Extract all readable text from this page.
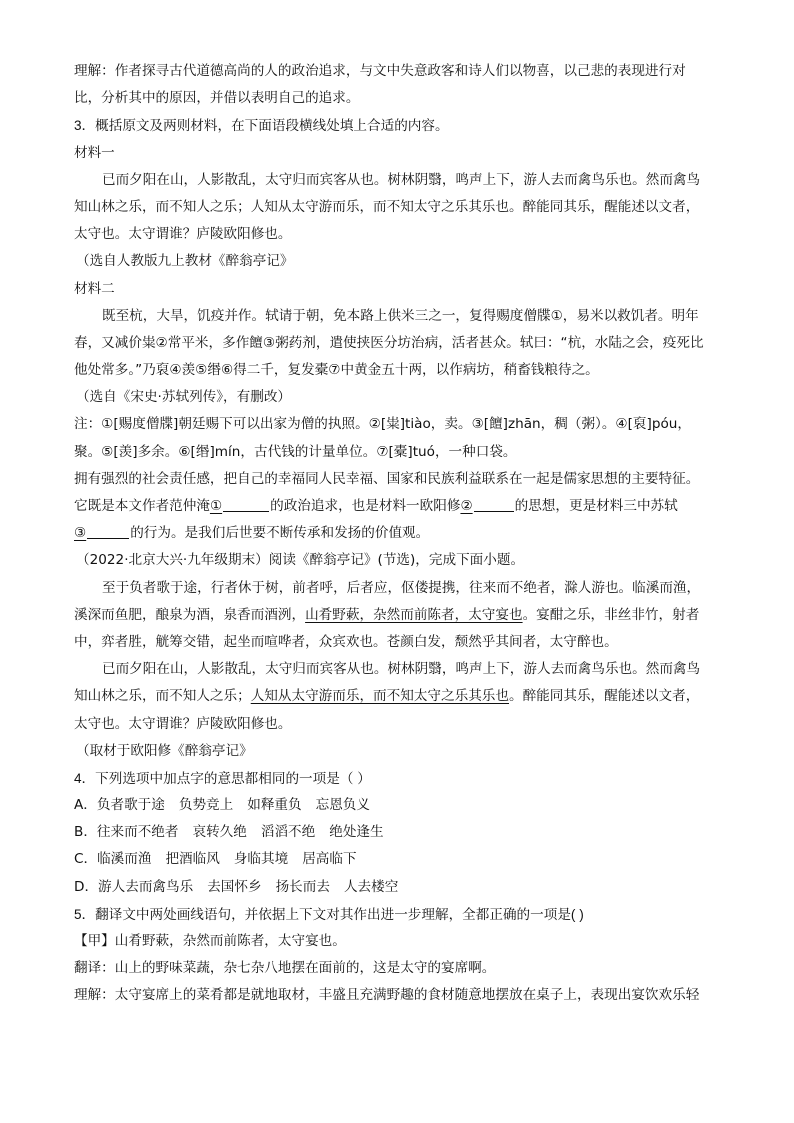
理解：作者探寻古代道德高尚的人的政治追求，与文中失意政客和诗人们以物喜，以己悲的表现进行对
比，分析其中的原因，并借以表明自己的追求。
3．概括原文及两则材料，在下面语段横线处填上合适的内容。
材料一
已而夕阳在山，人影散乱，太守归而宾客从也。树林阴翳，鸣声上下，游人去而禽鸟乐也。然而禽鸟
知山林之乐，而不知人之乐；人知从太守游而乐，而不知太守之乐其乐也。醉能同其乐，醒能述以文者，
太守也。太守谓谁？庐陵欧阳修也。
（选自人教版九上教材《醉翁亭记》
材料二
既至杭，大旱，饥疫并作。轼请于朝，免本路上供米三之一，复得赐度僧牒①，易米以救饥者。明年
春，又减价粜②常平米，多作饘③粥药剂，遣使挟医分坊治病，活者甚众。轼曰：“杭，水陆之会，疫死比
他处常多。”乃裒④羡⑤缗⑥得二千，复发橐⑦中黄金五十两，以作病坊，稍畜钱粮待之。
（选自《宋史·苏轼列传》，有删改）
注：①[赐度僧牒]朝廷赐下可以出家为僧的执照。②[粜]tiào，卖。③[饘]zhān，稠（粥）。④[裒]póu，
聚。⑤[羡]多余。⑥[缗]mín，古代钱的计量单位。⑦[橐]tuó，一种口袋。
拥有强烈的社会责任感，把自己的幸福同人民幸福、国家和民族利益联系在一起是儒家思想的主要特征。
它既是本文作者范仲淹①	的政治追求，也是材料一欧阳修②	的思想，更是材料三中苏轼
③	的行为。是我们后世要不断传承和发扬的价值观。
（2022·北京大兴·九年级期末）阅读《醉翁亭记》(节选)，完成下面小题。
至于负者歌于途，行者休于树，前者呼，后者应，伛偻提携，往来而不绝者，滁人游也。临溪而渔，
溪深而鱼肥，酿泉为酒，泉香而酒洌，山肴野蔌，杂然而前陈者，太守宴也。宴酣之乐，非丝非竹，射者
中，弈者胜，觥筹交错，起坐而喧哗者，众宾欢也。苍颜白发，颓然乎其间者，太守醉也。
已而夕阳在山，人影散乱，太守归而宾客从也。树林阴翳，鸣声上下，游人去而禽鸟乐也。然而禽鸟
知山林之乐，而不知人之乐；人知从太守游而乐，而不知太守之乐其乐也。醉能同其乐，醒能述以文者，
太守也。太守谓谁？庐陵欧阳修也。
（取材于欧阳修《醉翁亭记》
4．下列选项中加点字的意思都相同的一项是（ ）
A．负者歌于途 负势竞上 如释重负 忘恩负义
B．往来而不绝者 哀转久绝 滔滔不绝 绝处逢生
C．临溪而渔 把酒临风 身临其境 居高临下
D．游人去而禽鸟乐 去国怀乡 扬长而去 人去楼空
5．翻译文中两处画线语句，并依据上下文对其作出进一步理解，全都正确的一项是( )
【甲】山肴野蔌，杂然而前陈者，太守宴也。
翻译：山上的野味菜蔬，杂七杂八地摆在面前的，这是太守的宴席啊。
理解：太守宴席上的菜肴都是就地取材，丰盛且充满野趣的食材随意地摆放在桌子上，表现出宴饮欢乐轻
